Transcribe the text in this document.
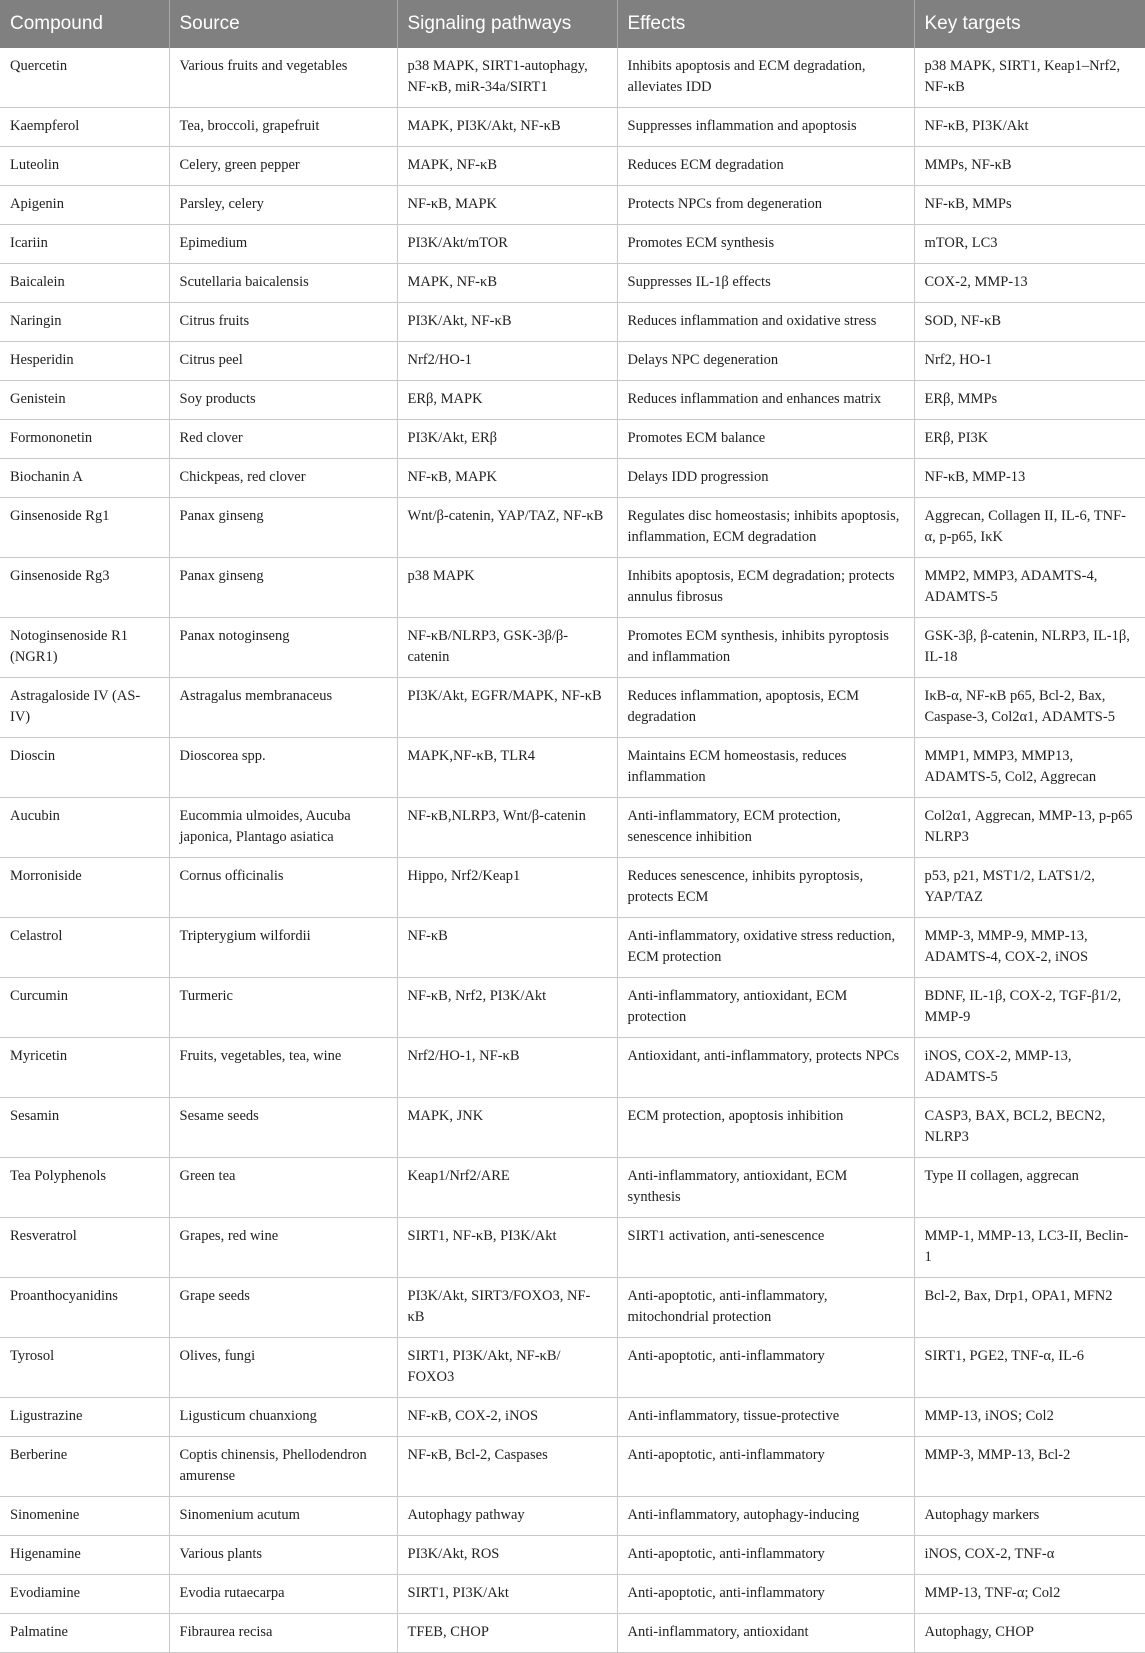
Compound	Source	Signaling pathways	Effects	Key targets
Quercetin	Various fruits and vegetables	p38 MAPK, SIRT1-autophagy, NF-κB, miR-34a/SIRT1	Inhibits apoptosis and ECM degradation, alleviates IDD	p38 MAPK, SIRT1, Keap1–Nrf2, NF-κB
Kaempferol	Tea, broccoli, grapefruit	MAPK, PI3K/Akt, NF-κB	Suppresses inflammation and apoptosis	NF-κB, PI3K/Akt
Luteolin	Celery, green pepper	MAPK, NF-κB	Reduces ECM degradation	MMPs, NF-κB
Apigenin	Parsley, celery	NF-κB, MAPK	Protects NPCs from degeneration	NF-κB, MMPs
Icariin	Epimedium	PI3K/Akt/mTOR	Promotes ECM synthesis	mTOR, LC3
Baicalein	Scutellaria baicalensis	MAPK, NF-κB	Suppresses IL-1β effects	COX-2, MMP-13
Naringin	Citrus fruits	PI3K/Akt, NF-κB	Reduces inflammation and oxidative stress	SOD, NF-κB
Hesperidin	Citrus peel	Nrf2/HO-1	Delays NPC degeneration	Nrf2, HO-1
Genistein	Soy products	ERβ, MAPK	Reduces inflammation and enhances matrix	ERβ, MMPs
Formononetin	Red clover	PI3K/Akt, ERβ	Promotes ECM balance	ERβ, PI3K
Biochanin A	Chickpeas, red clover	NF-κB, MAPK	Delays IDD progression	NF-κB, MMP-13
Ginsenoside Rg1	Panax ginseng	Wnt/β-catenin, YAP/TAZ, NF-κB	Regulates disc homeostasis; inhibits apoptosis, inflammation, ECM degradation	Aggrecan, Collagen II, IL-6, TNF-α, p-p65, IκK
Ginsenoside Rg3	Panax ginseng	p38 MAPK	Inhibits apoptosis, ECM degradation; protects annulus fibrosus	MMP2, MMP3, ADAMTS-4, ADAMTS-5
Notoginsenoside R1 (NGR1)	Panax notoginseng	NF-κB/NLRP3, GSK-3β/β-catenin	Promotes ECM synthesis, inhibits pyroptosis and inflammation	GSK-3β, β-catenin, NLRP3, IL-1β, IL-18
Astragaloside IV (AS-IV)	Astragalus membranaceus	PI3K/Akt, EGFR/MAPK, NF-κB	Reduces inflammation, apoptosis, ECM degradation	IκB-α, NF-κB p65, Bcl-2, Bax, Caspase-3, Col2α1, ADAMTS-5
Dioscin	Dioscorea spp.	MAPK,NF-κB, TLR4	Maintains ECM homeostasis, reduces inflammation	MMP1, MMP3, MMP13, ADAMTS-5, Col2, Aggrecan
Aucubin	Eucommia ulmoides, Aucuba japonica, Plantago asiatica	NF-κB,NLRP3, Wnt/β-catenin	Anti-inflammatory, ECM protection, senescence inhibition	Col2α1, Aggrecan, MMP-13, p-p65 NLRP3
Morroniside	Cornus officinalis	Hippo, Nrf2/Keap1	Reduces senescence, inhibits pyroptosis, protects ECM	p53, p21, MST1/2, LATS1/2, YAP/TAZ
Celastrol	Tripterygium wilfordii	NF-κB	Anti-inflammatory, oxidative stress reduction, ECM protection	MMP-3, MMP-9, MMP-13, ADAMTS-4, COX-2, iNOS
Curcumin	Turmeric	NF-κB, Nrf2, PI3K/Akt	Anti-inflammatory, antioxidant, ECM protection	BDNF, IL-1β, COX-2, TGF-β1/2, MMP-9
Myricetin	Fruits, vegetables, tea, wine	Nrf2/HO-1, NF-κB	Antioxidant, anti-inflammatory, protects NPCs	iNOS, COX-2, MMP-13, ADAMTS-5
Sesamin	Sesame seeds	MAPK, JNK	ECM protection, apoptosis inhibition	CASP3, BAX, BCL2, BECN2, NLRP3
Tea Polyphenols	Green tea	Keap1/Nrf2/ARE	Anti-inflammatory, antioxidant, ECM synthesis	Type II collagen, aggrecan
Resveratrol	Grapes, red wine	SIRT1, NF-κB, PI3K/Akt	SIRT1 activation, anti-senescence	MMP-1, MMP-13, LC3-II, Beclin-1
Proanthocyanidins	Grape seeds	PI3K/Akt, SIRT3/FOXO3, NF-κB	Anti-apoptotic, anti-inflammatory, mitochondrial protection	Bcl-2, Bax, Drp1, OPA1, MFN2
Tyrosol	Olives, fungi	SIRT1, PI3K/Akt, NF-κB/ FOXO3	Anti-apoptotic, anti-inflammatory	SIRT1, PGE2, TNF-α, IL-6
Ligustrazine	Ligusticum chuanxiong	NF-κB, COX-2, iNOS	Anti-inflammatory, tissue-protective	MMP-13, iNOS; Col2
Berberine	Coptis chinensis, Phellodendron amurense	NF-κB, Bcl-2, Caspases	Anti-apoptotic, anti-inflammatory	MMP-3, MMP-13, Bcl-2
Sinomenine	Sinomenium acutum	Autophagy pathway	Anti-inflammatory, autophagy-inducing	Autophagy markers
Higenamine	Various plants	PI3K/Akt, ROS	Anti-apoptotic, anti-inflammatory	iNOS, COX-2, TNF-α
Evodiamine	Evodia rutaecarpa	SIRT1, PI3K/Akt	Anti-apoptotic, anti-inflammatory	MMP-13, TNF-α; Col2
Palmatine	Fibraurea recisa	TFEB, CHOP	Anti-inflammatory, antioxidant	Autophagy, CHOP
